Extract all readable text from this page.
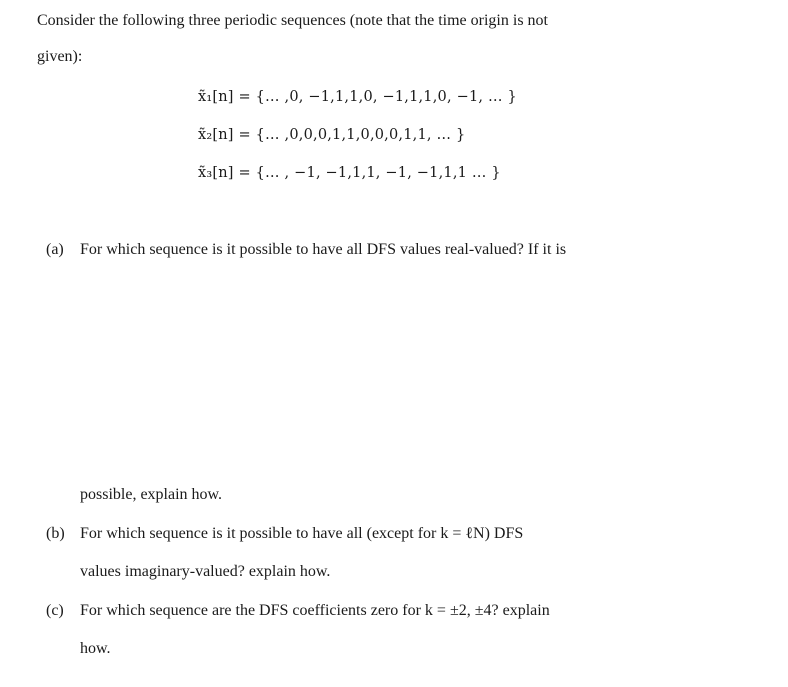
Consider the following three periodic sequences (note that the time origin is not
given):
x̃₁[n] = {… ,0, −1,1,1,0, −1,1,1,0, −1, … }
x̃₂[n] = {… ,0,0,0,1,1,0,0,0,1,1, … }
x̃₃[n] = {… , −1, −1,1,1, −1, −1,1,1 … }
(a) For which sequence is it possible to have all DFS values real-valued? If it is
possible, explain how.
(b) For which sequence is it possible to have all (except for k = ℓN) DFS
values imaginary-valued? explain how.
(c) For which sequence are the DFS coefficients zero for k = ±2, ±4? explain
how.
